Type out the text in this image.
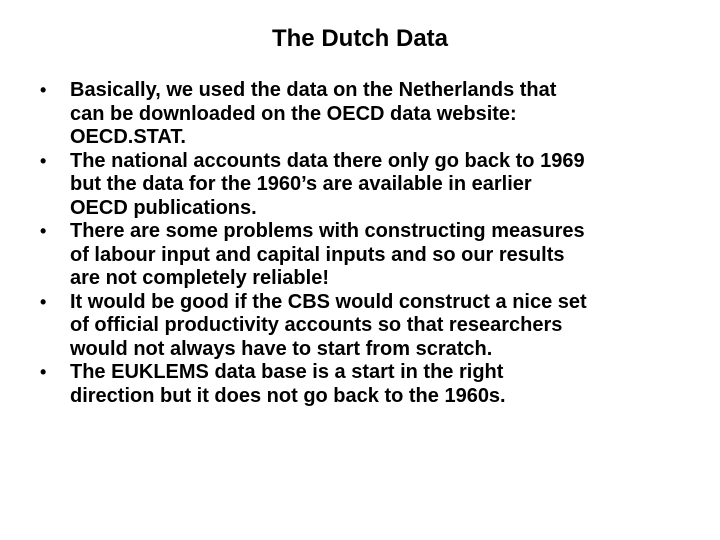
The Dutch Data
•	Basically, we used the data on the Netherlands that
can be downloaded on the OECD data website:
OECD.STAT.
•	The national accounts data there only go back to 1969
but the data for the 1960’s are available in earlier
OECD publications.
•	There are some problems with constructing measures
of labour input and capital inputs and so our results
are not completely reliable!
•	It would be good if the CBS would construct a nice set
of official productivity accounts so that researchers
would not always have to start from scratch.
•	The EUKLEMS data base is a start in the right
direction but it does not go back to the 1960s.
